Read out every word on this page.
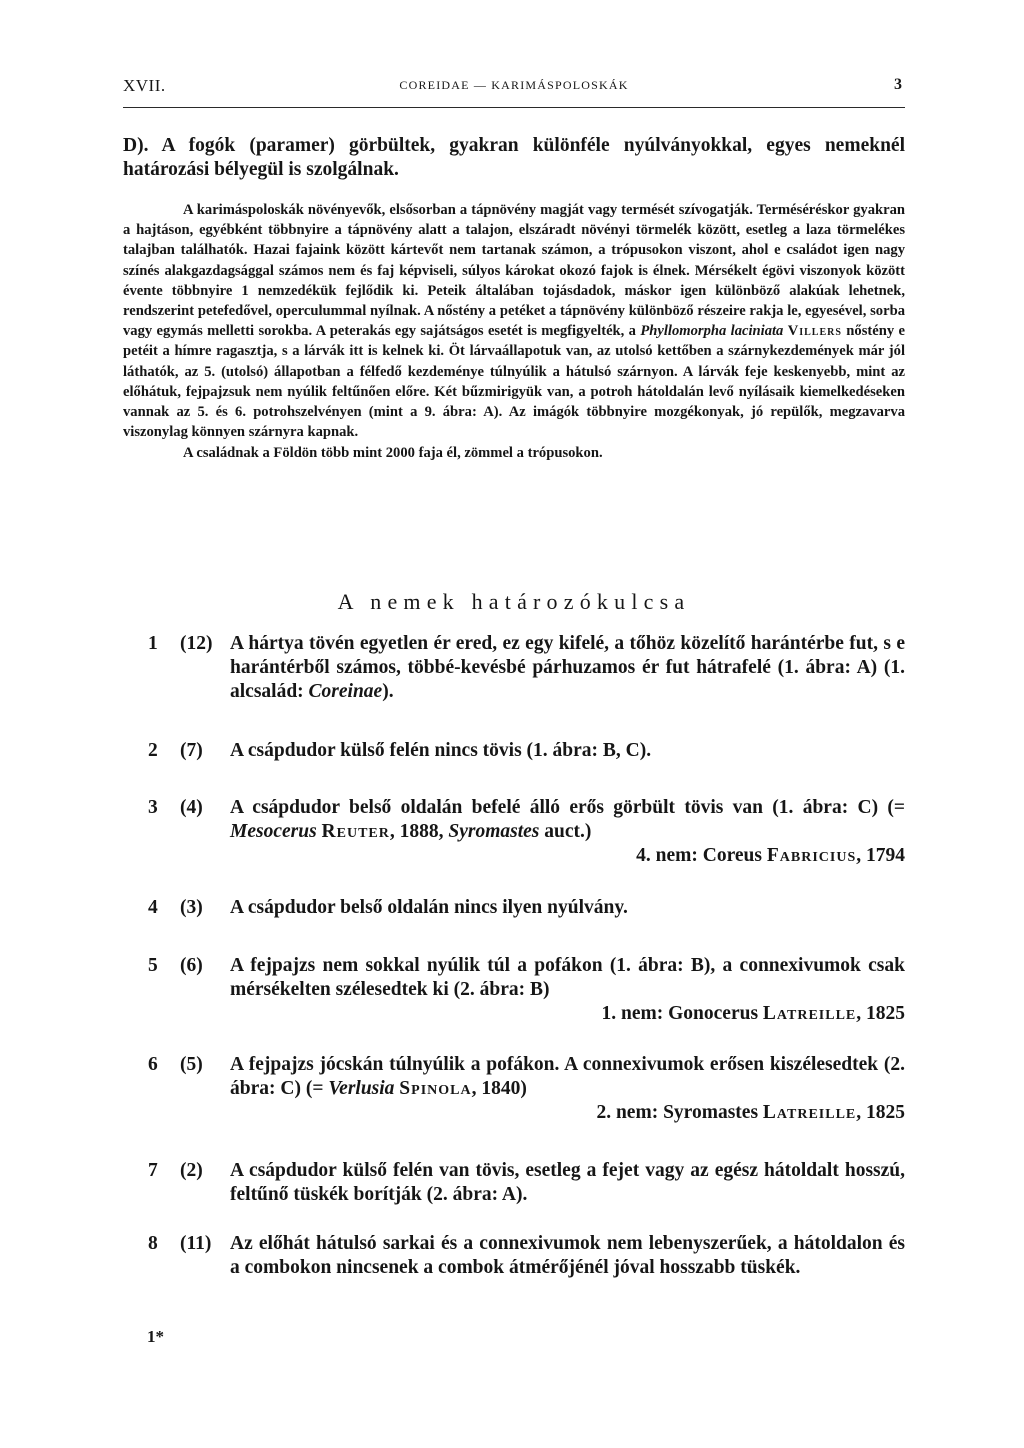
XVII.	COREIDAE — KARIMÁSPOLOSKÁK	3
D). A fogók (paramer) görbültek, gyakran különféle nyúlványokkal, egyes nemeknél határozási bélyegül is szolgálnak.

A karimáspoloskák növényevők, elsősorban a tápnövény magját vagy termését szívogatják. Terméséréskor gyakran a hajtáson, egyébként többnyire a tápnövény alatt a talajon, elszáradt növényi törmelék között, esetleg a laza törmelékes talajban találhatók. Hazai fajaink között kártevőt nem tartanak számon, a trópusokon viszont, ahol e családot igen nagy színés alakgazdagsággal számos nem és faj képviseli, súlyos károkat okozó fajok is élnek. Mérsékelt égövi viszonyok között évente többnyire 1 nemzedékük fejlődik ki. Peteik általában tojásdadok, máskor igen különböző alakúak lehetnek, rendszerint petefedővel, operculummal nyílnak. A nőstény a petéket a tápnövény különböző részeire rakja le, egyesével, sorba vagy egymás melletti sorokba. A peterakás egy sajátságos esetét is megfigyelték, a Phyllomorpha laciniata Villers nőstény e petéit a hímre ragasztja, s a lárvák itt is kelnek ki. Öt lárvaállapotuk van, az utolsó kettőben a szárnykezdemények már jól láthatók, az 5. (utolsó) állapotban a félfedő kezdeménye túlnyúlik a hátulsó szárnyon. A lárvák feje keskenyebb, mint az előhátuk, fejpajzsuk nem nyúlik feltűnően előre. Két bűzmirigyük van, a potroh hátoldalán levő nyílásaik kiemelkedéseken vannak az 5. és 6. potrohszelvényen (mint a 9. ábra: A). Az imágók többnyire mozgékonyak, jó repülők, megzavarva viszonylag könnyen szárnyra kapnak.

A családnak a Földön több mint 2000 faja él, zömmel a trópusokon.

A nemek határozókulcsa
1	(12) A hártya tövén egyetlen ér ered, ez egy kifelé, a tőhöz közelítő harántérbe fut, s e harántérből számos, többé-kevésbé párhuzamos ér fut hátrafelé (1. ábra: A) (1. alcsalád: Coreinae).
2	(7)	A csápdudor külső felén nincs tövis (1. ábra: B, C).
3	(4)	A csápdudor belső oldalán befelé álló erős görbült tövis van (1. ábra: C) (= Mesocerus Reuter, 1888, Syromastes auct.)
4. nem: Coreus Fabricius, 1794
4	(3)	A csápdudor belső oldalán nincs ilyen nyúlvány.
5	(6)	A fejpajzs nem sokkal nyúlik túl a pofákon (1. ábra: B), a connexivumok csak mérsékelten szélesedtek ki (2. ábra: B)
1. nem: Gonocerus Latreille, 1825
6	(5)	A fejpajzs jócskán túlnyúlik a pofákon. A connexivumok erősen kiszélesedtek (2. ábra: C) (= Verlusia Spinola, 1840)
2. nem: Syromastes Latreille, 1825
7	(2)	A csápdudor külső felén van tövis, esetleg a fejet vagy az egész hátoldalt hosszú, feltűnő tüskék borítják (2. ábra: A).
8	(11) Az előhát hátulsó sarkai és a connexivumok nem lebenyszerűek, a hátoldalon és a combokon nincsenek a combok átmérőjénél jóval hosszabb tüskék.
1*
